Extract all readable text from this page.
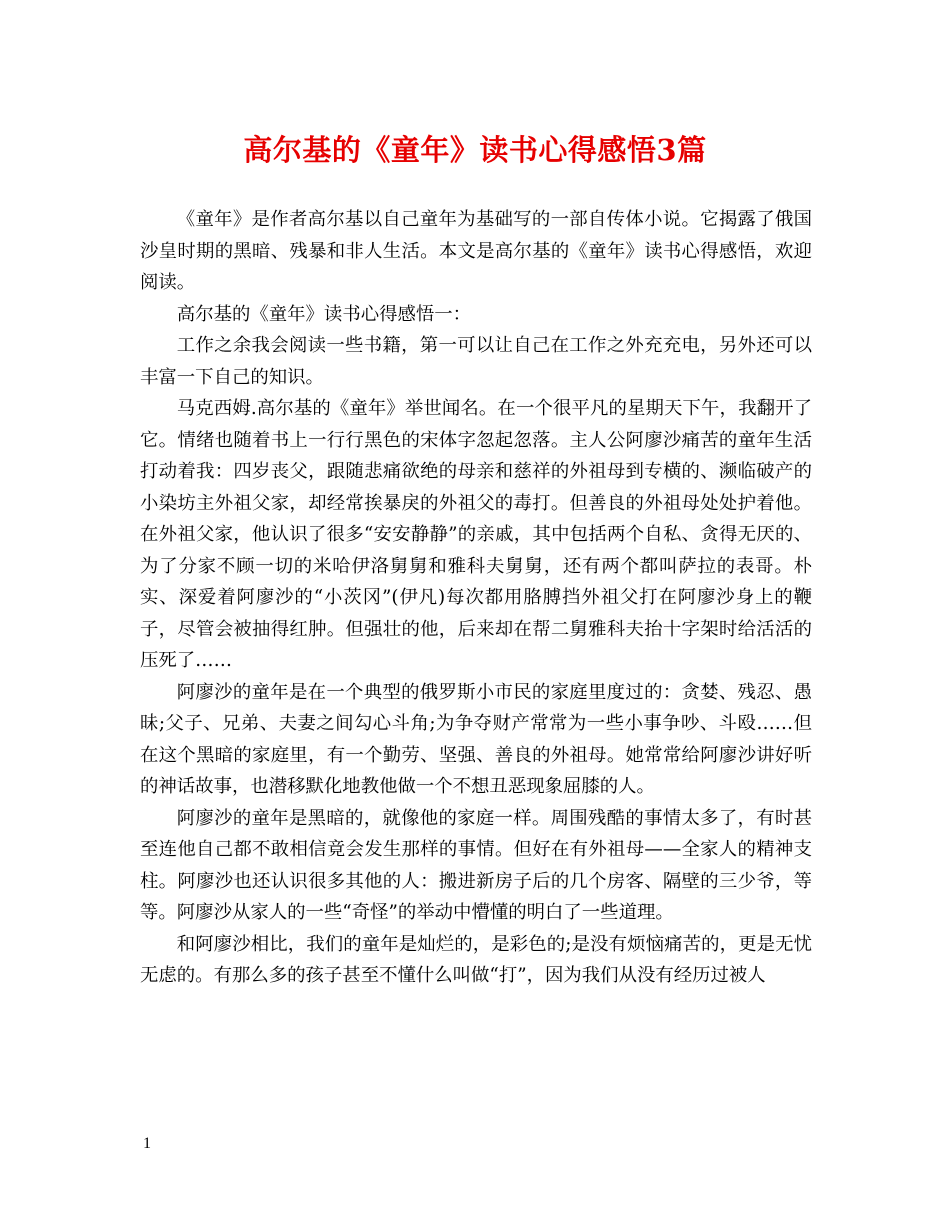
高尔基的《童年》读书心得感悟3篇

《童年》是作者高尔基以自己童年为基础写的一部自传体小说。它揭露了俄国沙皇时期的黑暗、残暴和非人生活。本文是高尔基的《童年》读书心得感悟，欢迎阅读。

高尔基的《童年》读书心得感悟一：

工作之余我会阅读一些书籍，第一可以让自己在工作之外充充电，另外还可以丰富一下自己的知识。

马克西姆.高尔基的《童年》举世闻名。在一个很平凡的星期天下午，我翻开了它。情绪也随着书上一行行黑色的宋体字忽起忽落。主人公阿廖沙痛苦的童年生活打动着我：四岁丧父，跟随悲痛欲绝的母亲和慈祥的外祖母到专横的、濒临破产的小染坊主外祖父家，却经常挨暴戾的外祖父的毒打。但善良的外祖母处处护着他。在外祖父家，他认识了很多“安安静静”的亲戚，其中包括两个自私、贪得无厌的、为了分家不顾一切的米哈伊洛舅舅和雅科夫舅舅，还有两个都叫萨拉的表哥。朴实、深爱着阿廖沙的“小茨冈”(伊凡)每次都用胳膊挡外祖父打在阿廖沙身上的鞭子，尽管会被抽得红肿。但强壮的他，后来却在帮二舅雅科夫抬十字架时给活活的压死了……

阿廖沙的童年是在一个典型的俄罗斯小市民的家庭里度过的：贪婪、残忍、愚昧;父子、兄弟、夫妻之间勾心斗角;为争夺财产常常为一些小事争吵、斗殴……但在这个黑暗的家庭里，有一个勤劳、坚强、善良的外祖母。她常常给阿廖沙讲好听的神话故事，也潜移默化地教他做一个不想丑恶现象屈膝的人。

阿廖沙的童年是黑暗的，就像他的家庭一样。周围残酷的事情太多了，有时甚至连他自己都不敢相信竟会发生那样的事情。但好在有外祖母——全家人的精神支柱。阿廖沙也还认识很多其他的人：搬进新房子后的几个房客、隔壁的三少爷，等等。阿廖沙从家人的一些“奇怪”的举动中懵懂的明白了一些道理。

和阿廖沙相比，我们的童年是灿烂的，是彩色的;是没有烦恼痛苦的，更是无忧无虑的。有那么多的孩子甚至不懂什么叫做“打”，因为我们从没有经历过被人

1
